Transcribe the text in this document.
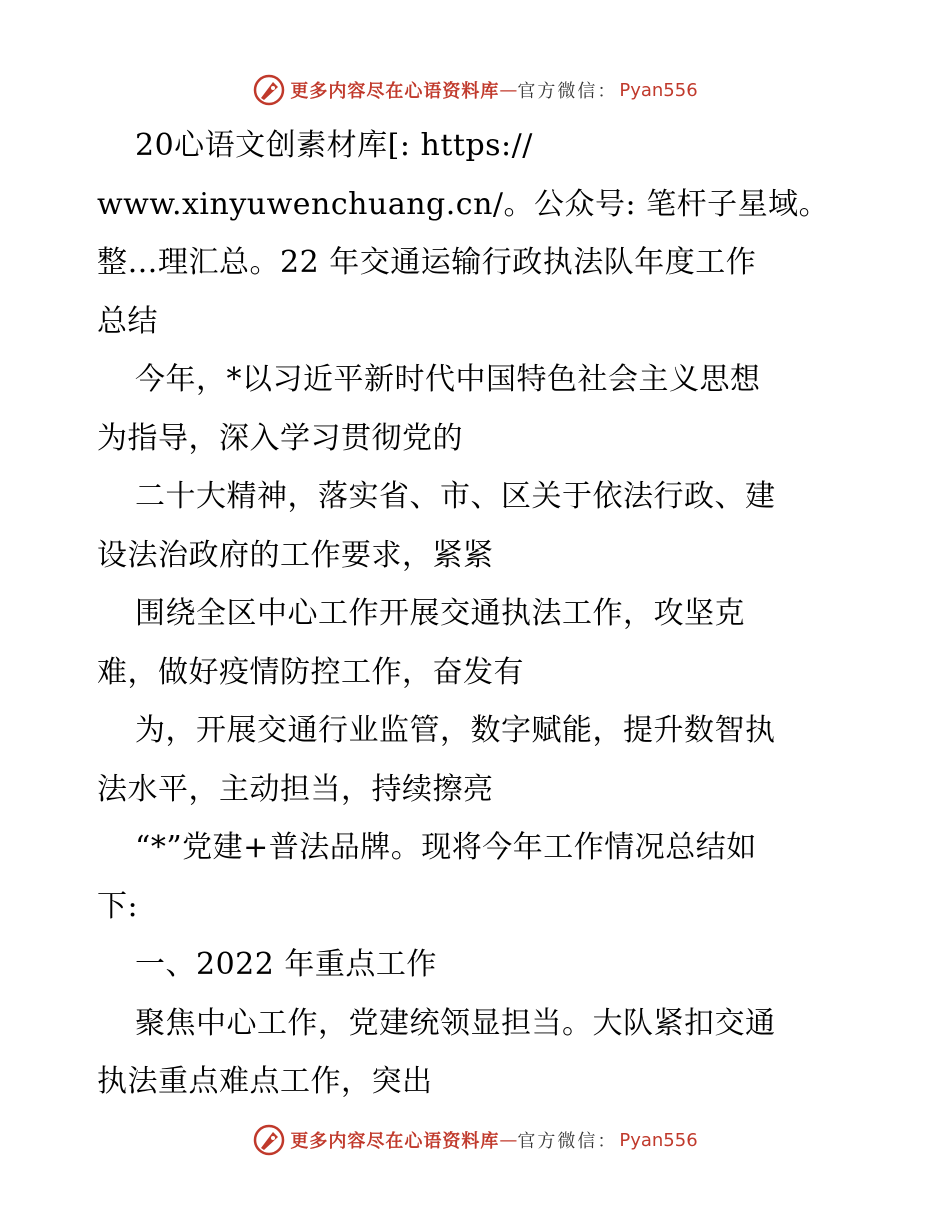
更多内容尽在心语资料库 — 官方微信： Pyan556

20心语文创素材库[: https://

www.xinyuwenchuang.cn/。公众号: 笔杆子星域。

整…理汇总。22 年交通运输行政执法队年度工作

总结

今年，*以习近平新时代中国特色社会主义思想

为指导，深入学习贯彻党的

二十大精神，落实省、市、区关于依法行政、建

设法治政府的工作要求，紧紧

围绕全区中心工作开展交通执法工作，攻坚克

难，做好疫情防控工作，奋发有

为，开展交通行业监管，数字赋能，提升数智执

法水平，主动担当，持续擦亮

“*”党建+普法品牌。现将今年工作情况总结如

下:

一、2022 年重点工作

聚焦中心工作，党建统领显担当。大队紧扣交通

执法重点难点工作，突出

更多内容尽在心语资料库 — 官方微信： Pyan556
